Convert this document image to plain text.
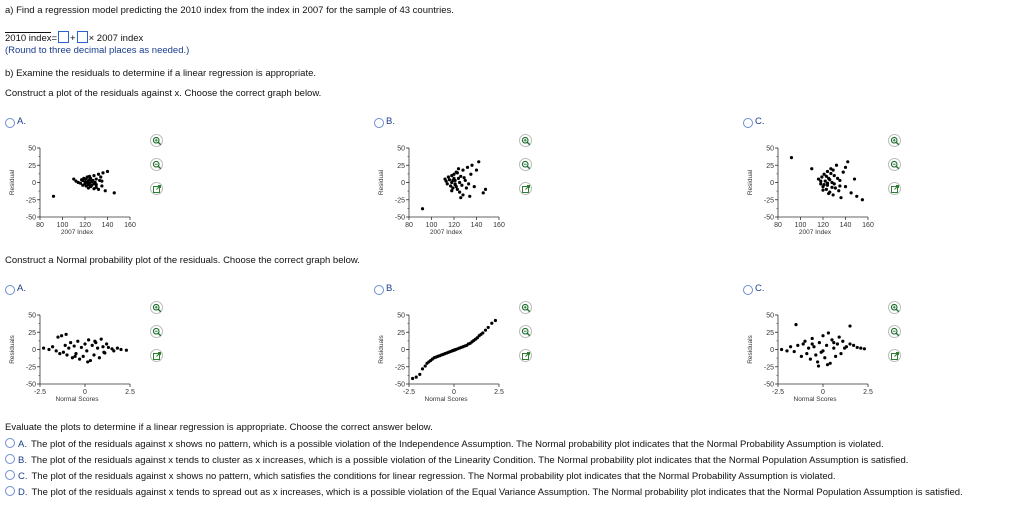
a) Find a regression model predicting the 2010 index from the index in 2007 for the sample of 43 countries.
2010 index= + × 2007 index
(Round to three decimal places as needed.)
b) Examine the residuals to determine if a linear regression is appropriate.
Construct a plot of the residuals against x. Choose the correct graph below.
A.	B.	C.
50
25
0
-25
-50
80 100 120 140 160
2007 Index
Residual
50
25
0
-25
-50
80 100 120 140 160
2007 Index
Residual
50
25
0
-25
-50
80 100 120 140 160
2007 Index
Residual
Construct a Normal probability plot of the residuals. Choose the correct graph below.
A.	B.	C.
50
25
0
-25
-50
-2.5	0	2.5
Normal Scores
Residuals
50
25
0
-25
-50
-2.5	0	2.5
Normal Scores
Residuals
50
25
0
-25
-50
-2.5	0	2.5
Normal Scores
Residuals
Evaluate the plots to determine if a linear regression is appropriate. Choose the correct answer below.
A. The plot of the residuals against x shows no pattern, which is a possible violation of the Independence Assumption. The Normal probability plot indicates that the Normal Probability Assumption is violated.
B. The plot of the residuals against x tends to cluster as x increases, which is a possible violation of the Linearity Condition. The Normal probability plot indicates that the Normal Population Assumption is satisfied.
C. The plot of the residuals against x shows no pattern, which satisfies the conditions for linear regression. The Normal probability plot indicates that the Normal Probability Assumption is violated.
D. The plot of the residuals against x tends to spread out as x increases, which is a possible violation of the Equal Variance Assumption. The Normal probability plot indicates that the Normal Population Assumption is satisfied.
